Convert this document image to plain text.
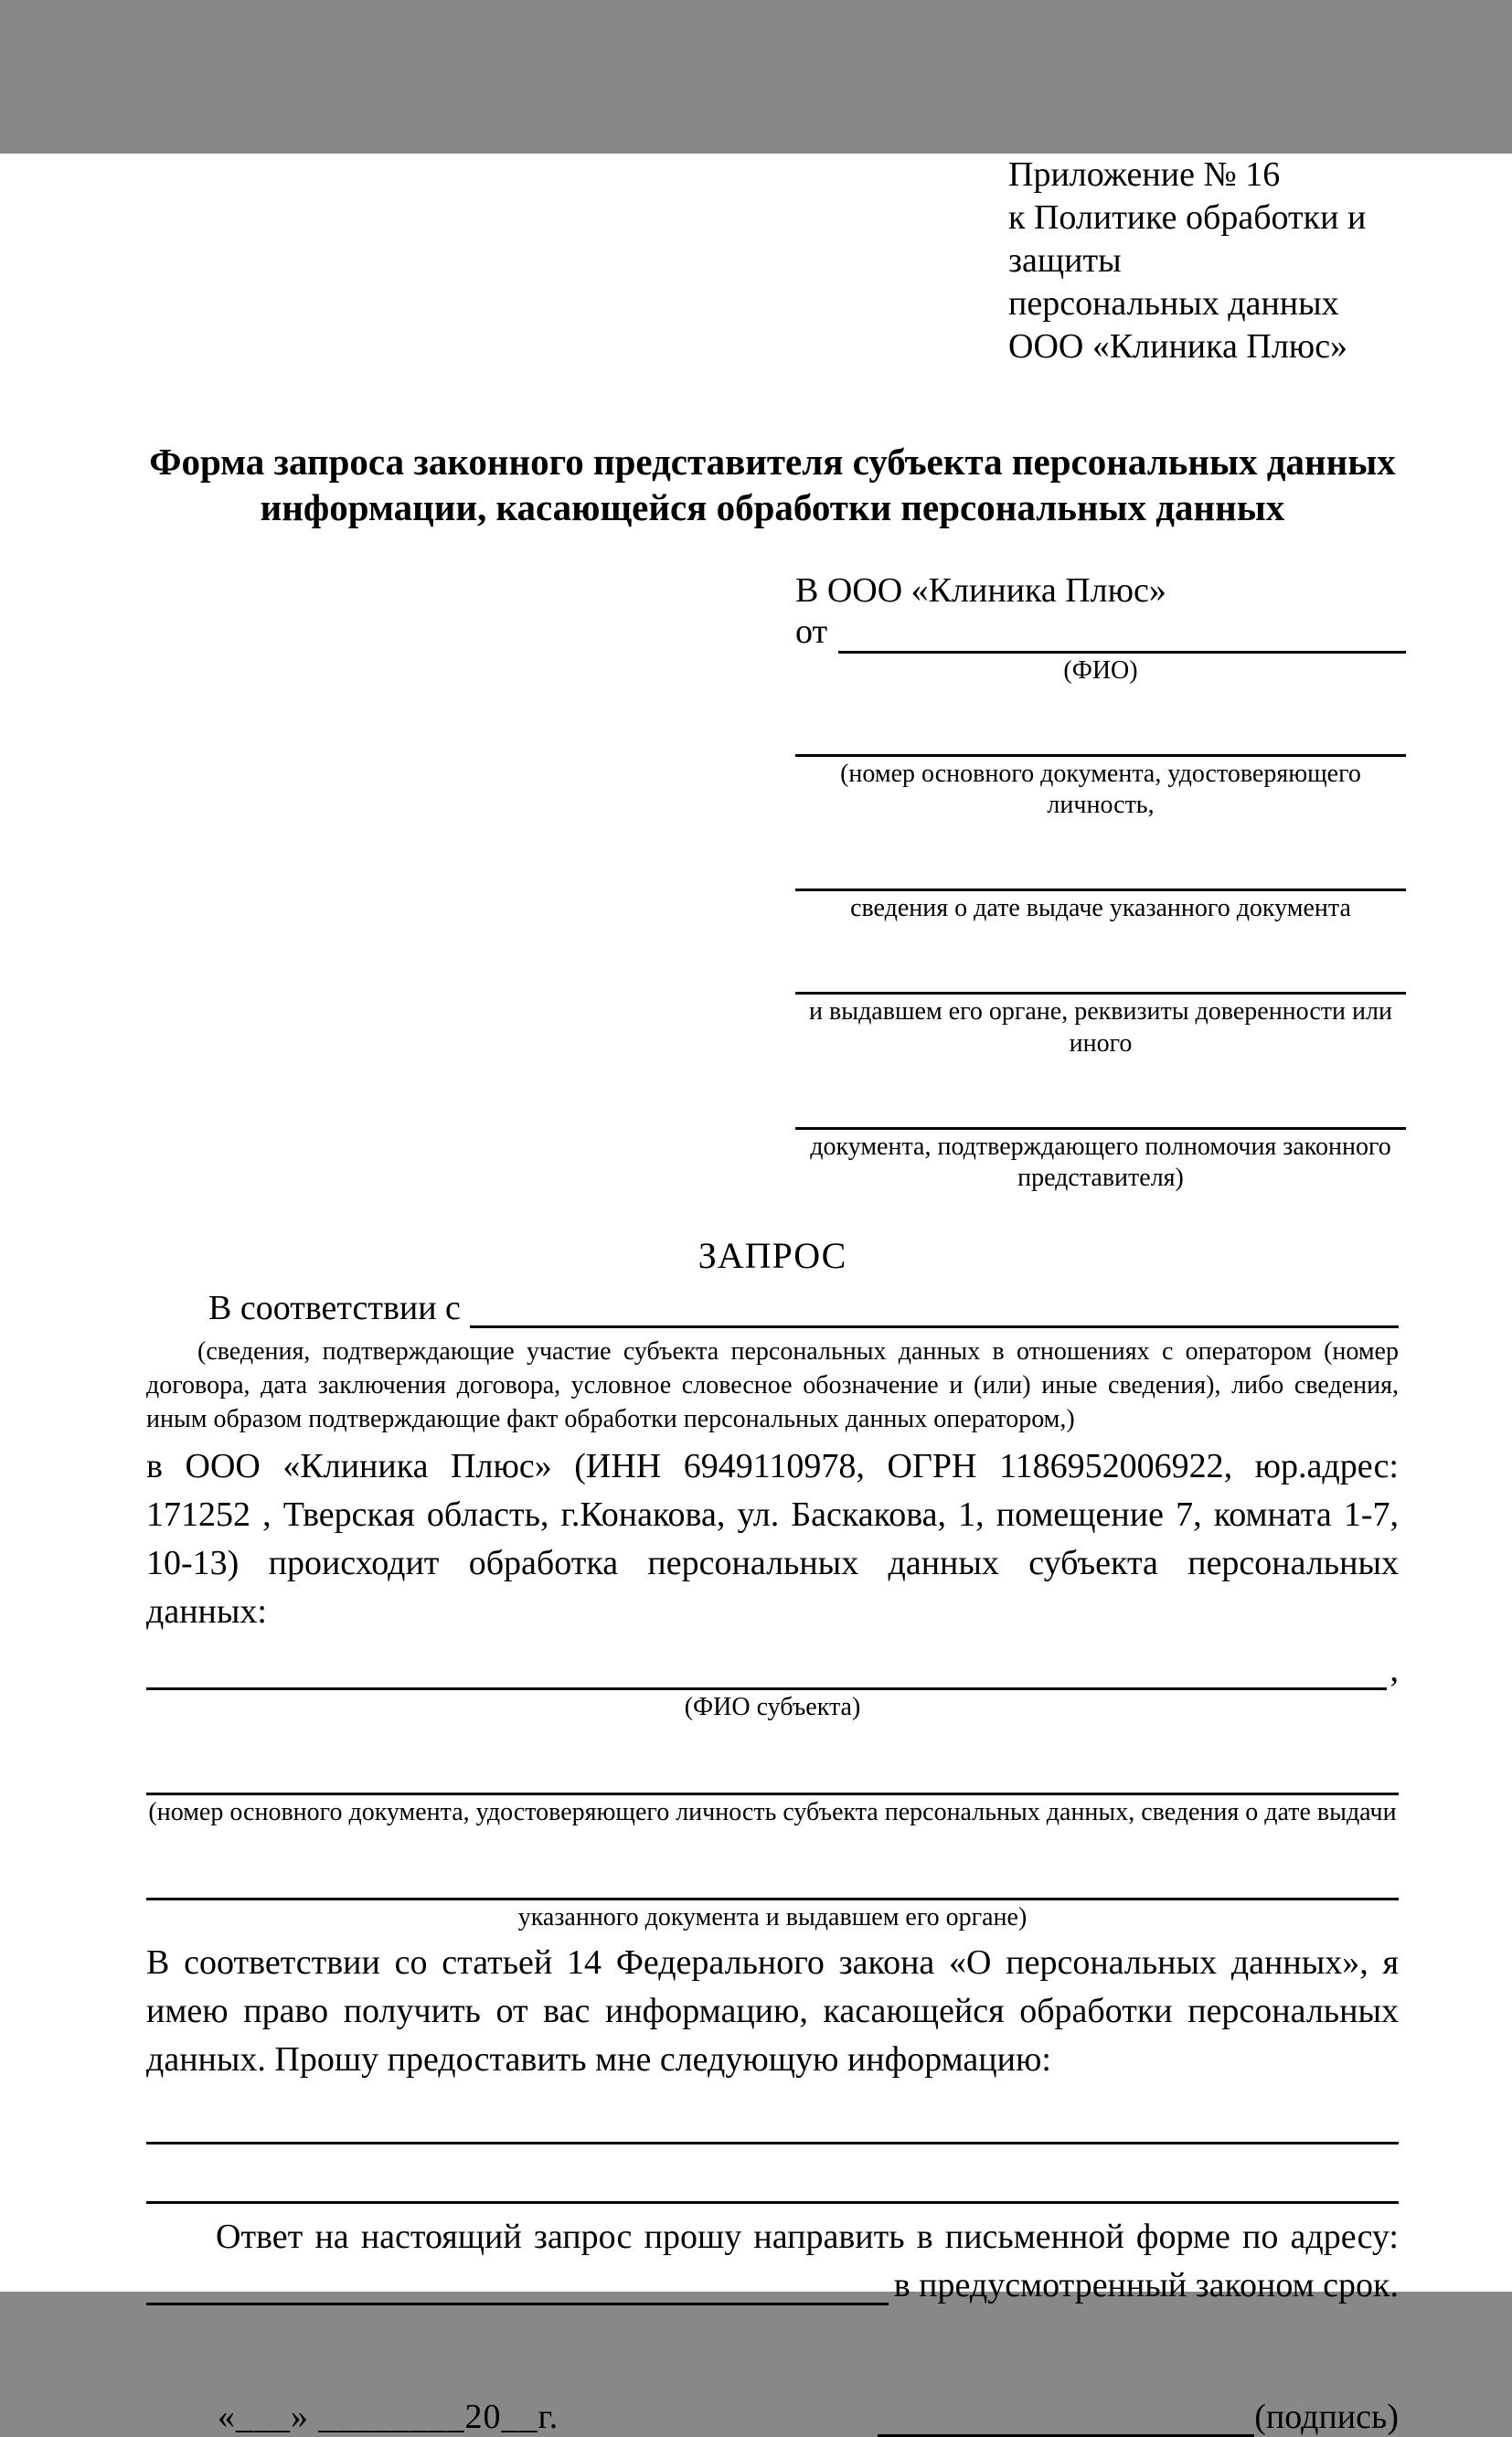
Приложение № 16
к Политике обработки и защиты
персональных данных
ООО «Клиника Плюс»
Форма запроса законного представителя субъекта персональных данных информации, касающейся обработки персональных данных
В ООО «Клиника Плюс»
от
(ФИО)
(номер основного документа, удостоверяющего личность,
сведения о дате выдаче указанного документа
и выдавшем его органе, реквизиты доверенности или иного
документа, подтверждающего полномочия законного представителя)
ЗАПРОС
В соответствии с
(сведения, подтверждающие участие субъекта персональных данных в отношениях с оператором (номер договора, дата заключения договора, условное словесное обозначение и (или) иные сведения), либо сведения, иным образом подтверждающие факт обработки персональных данных оператором,)
в ООО «Клиника Плюс» (ИНН 6949110978, ОГРН 1186952006922, юр.адрес: 171252 , Тверская область, г.Конакова, ул. Баскакова, 1, помещение 7, комната 1-7, 10-13) происходит обработка персональных данных субъекта персональных данных:
,
(ФИО субъекта)
(номер основного документа, удостоверяющего личность субъекта персональных данных, сведения о дате выдачи
указанного документа и выдавшем его органе)
В соответствии со статьей 14 Федерального закона «О персональных данных», я имею право получить от вас информацию, касающейся обработки персональных данных. Прошу предоставить мне следующую информацию:
Ответ на настоящий запрос прошу направить в письменной форме по адресу:
в предусмотренный законом срок.
«___» ________20__г.	(подпись)
